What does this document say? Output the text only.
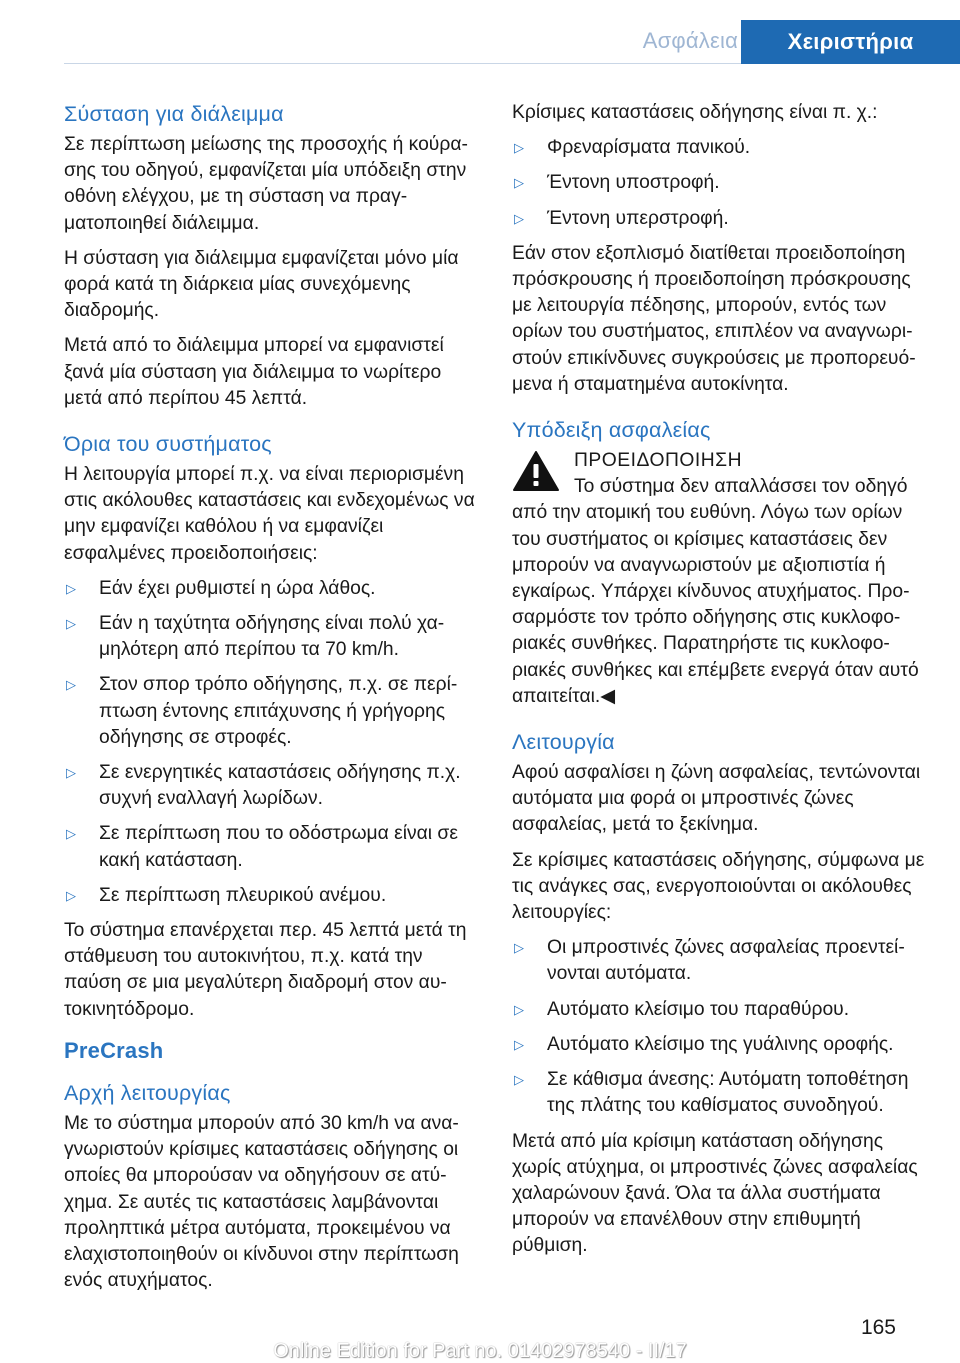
Ασφάλεια	Χειριστήρια
Σύσταση για διάλειμμα

Σε περίπτωση μείωσης της προσοχής ή κούρασης του οδηγού, εμφανίζεται μία υπόδειξη στην οθόνη ελέγχου, με τη σύσταση να πραγματοποιηθεί διάλειμμα.

Η σύσταση για διάλειμμα εμφανίζεται μόνο μία φορά κατά τη διάρκεια μίας συνεχόμενης διαδρομής.

Μετά από το διάλειμμα μπορεί να εμφανιστεί ξανά μία σύσταση για διάλειμμα το νωρίτερο μετά από περίπου 45 λεπτά.

Όρια του συστήματος

Η λειτουργία μπορεί π.χ. να είναι περιορισμένη στις ακόλουθες καταστάσεις και ενδεχομένως να μην εμφανίζει καθόλου ή να εμφανίζει εσφαλμένες προειδοποιήσεις:

▷ Εάν έχει ρυθμιστεί η ώρα λάθος.
▷ Εάν η ταχύτητα οδήγησης είναι πολύ χαμηλότερη από περίπου τα 70 km/h.
▷ Στον σπορ τρόπο οδήγησης, π.χ. σε περίπτωση έντονης επιτάχυνσης ή γρήγορης οδήγησης σε στροφές.
▷ Σε ενεργητικές καταστάσεις οδήγησης π.χ. συχνή εναλλαγή λωρίδων.
▷ Σε περίπτωση που το οδόστρωμα είναι σε κακή κατάσταση.
▷ Σε περίπτωση πλευρικού ανέμου.

Το σύστημα επανέρχεται περ. 45 λεπτά μετά τη στάθμευση του αυτοκινήτου, π.χ. κατά την παύση σε μια μεγαλύτερη διαδρομή στον αυτοκινητόδρομο.

PreCrash
Αρχή λειτουργίας

Με το σύστημα μπορούν από 30 km/h να αναγνωριστούν κρίσιμες καταστάσεις οδήγησης οι οποίες θα μπορούσαν να οδηγήσουν σε ατύχημα. Σε αυτές τις καταστάσεις λαμβάνονται προληπτικά μέτρα αυτόματα, προκειμένου να ελαχιστοποιηθούν οι κίνδυνοι στην περίπτωση ενός ατυχήματος.

Κρίσιμες καταστάσεις οδήγησης είναι π. χ.:

▷ Φρεναρίσματα πανικού.
▷ Έντονη υποστροφή.
▷ Έντονη υπερστροφή.

Εάν στον εξοπλισμό διατίθεται προειδοποίηση πρόσκρουσης ή προειδοποίηση πρόσκρουσης με λειτουργία πέδησης, μπορούν, εντός των ορίων του συστήματος, επιπλέον να αναγνωριστούν επικίνδυνες συγκρούσεις με προπορευόμενα ή σταματημένα αυτοκίνητα.

Υπόδειξη ασφαλείας
ΠΡΟΕΙΔΟΠΟΙΗΣΗ
Το σύστημα δεν απαλλάσσει τον οδηγό
από την ατομική του ευθύνη. Λόγω των ορίων του συστήματος οι κρίσιμες καταστάσεις δεν μπορούν να αναγνωριστούν με αξιοπιστία ή εγκαίρως. Υπάρχει κίνδυνος ατυχήματος. Προσαρμόστε τον τρόπο οδήγησης στις κυκλοφοριακές συνθήκες. Παρατηρήστε τις κυκλοφοριακές συνθήκες και επέμβετε ενεργά όταν αυτό απαιτείται.◀
Λειτουργία

Αφού ασφαλίσει η ζώνη ασφαλείας, τεντώνονται αυτόματα μια φορά οι μπροστινές ζώνες ασφαλείας, μετά το ξεκίνημα.

Σε κρίσιμες καταστάσεις οδήγησης, σύμφωνα με τις ανάγκες σας, ενεργοποιούνται οι ακόλουθες λειτουργίες:

▷ Οι μπροστινές ζώνες ασφαλείας προεντείνονται αυτόματα.
▷ Αυτόματο κλείσιμο του παραθύρου.
▷ Αυτόματο κλείσιμο της γυάλινης οροφής.
▷ Σε κάθισμα άνεσης: Αυτόματη τοποθέτηση της πλάτης του καθίσματος συνοδηγού.

Μετά από μία κρίσιμη κατάσταση οδήγησης χωρίς ατύχημα, οι μπροστινές ζώνες ασφαλείας χαλαρώνουν ξανά. Όλα τα άλλα συστήματα μπορούν να επανέλθουν στην επιθυμητή ρύθμιση.

165
Online Edition for Part no. 01402978540 - II/17
